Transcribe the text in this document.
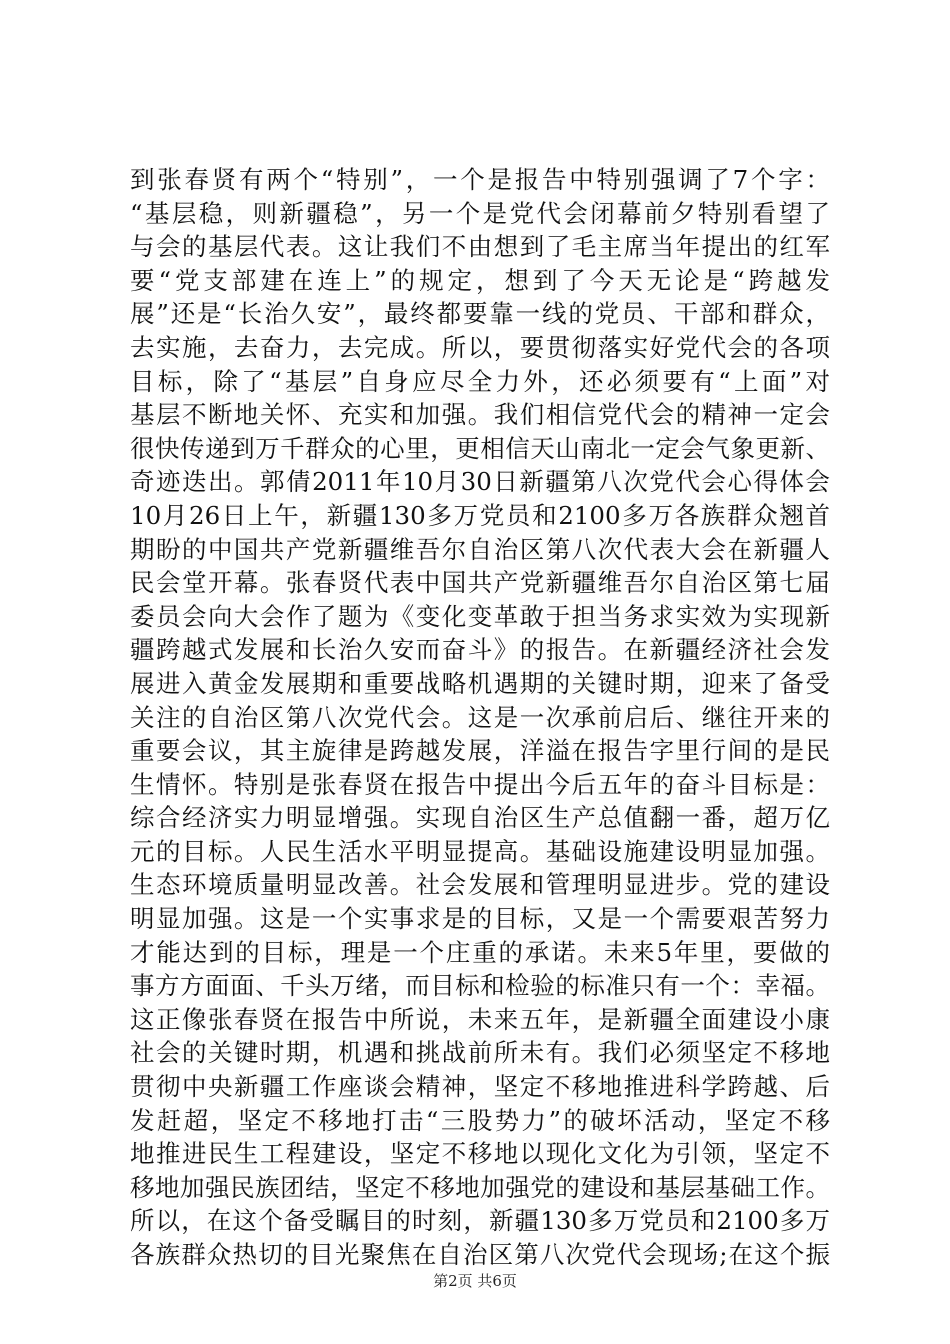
到张春贤有两个“特别”，一个是报告中特别强调了7个字：
“基层稳，则新疆稳”，另一个是党代会闭幕前夕特别看望了
与会的基层代表。这让我们不由想到了毛主席当年提出的红军
要“党支部建在连上”的规定，想到了今天无论是“跨越发
展”还是“长治久安”，最终都要靠一线的党员、干部和群众，
去实施，去奋力，去完成。所以，要贯彻落实好党代会的各项
目标，除了“基层”自身应尽全力外，还必须要有“上面”对
基层不断地关怀、充实和加强。我们相信党代会的精神一定会
很快传递到万千群众的心里，更相信天山南北一定会气象更新、
奇迹迭出。郭倩2011年10月30日新疆第八次党代会心得体会
10月26日上午，新疆130多万党员和2100多万各族群众翘首
期盼的中国共产党新疆维吾尔自治区第八次代表大会在新疆人
民会堂开幕。张春贤代表中国共产党新疆维吾尔自治区第七届
委员会向大会作了题为《变化变革敢于担当务求实效为实现新
疆跨越式发展和长治久安而奋斗》的报告。在新疆经济社会发
展进入黄金发展期和重要战略机遇期的关键时期，迎来了备受
关注的自治区第八次党代会。这是一次承前启后、继往开来的
重要会议，其主旋律是跨越发展，洋溢在报告字里行间的是民
生情怀。特别是张春贤在报告中提出今后五年的奋斗目标是：
综合经济实力明显增强。实现自治区生产总值翻一番，超万亿
元的目标。人民生活水平明显提高。基础设施建设明显加强。
生态环境质量明显改善。社会发展和管理明显进步。党的建设
明显加强。这是一个实事求是的目标，又是一个需要艰苦努力
才能达到的目标，理是一个庄重的承诺。未来5年里，要做的
事方方面面、千头万绪，而目标和检验的标准只有一个：幸福。
这正像张春贤在报告中所说，未来五年，是新疆全面建设小康
社会的关键时期，机遇和挑战前所未有。我们必须坚定不移地
贯彻中央新疆工作座谈会精神，坚定不移地推进科学跨越、后
发赶超，坚定不移地打击“三股势力”的破坏活动，坚定不移
地推进民生工程建设，坚定不移地以现化文化为引领，坚定不
移地加强民族团结，坚定不移地加强党的建设和基层基础工作。
所以，在这个备受瞩目的时刻，新疆130多万党员和2100多万
各族群众热切的目光聚焦在自治区第八次党代会现场;在这个振
第2页 共6页
